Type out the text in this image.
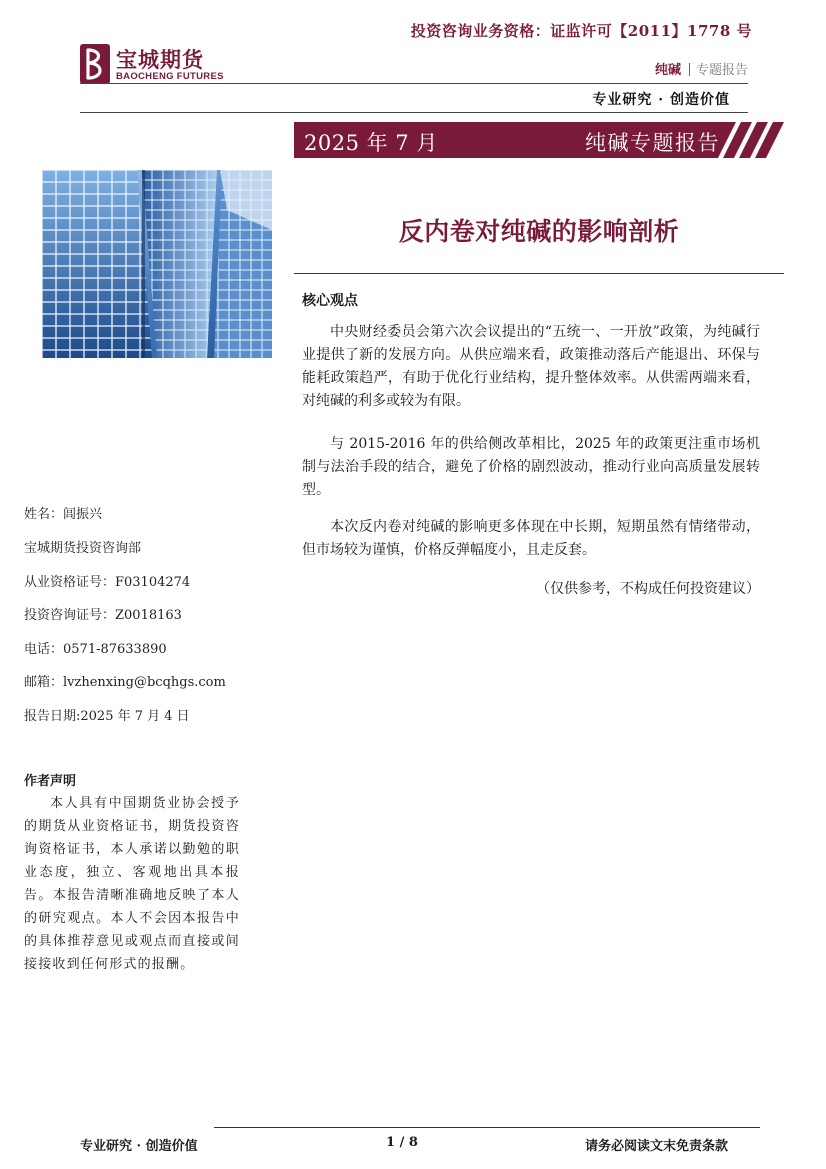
投资咨询业务资格：证监许可【2011】1778 号
宝城期货
BAOCHENG FUTURES	纯碱 专题报告
专业研究 · 创造价值
2025 年 7 月	纯碱专题报告
反内卷对纯碱的影响剖析
核心观点

中央财经委员会第六次会议提出的“五统一、一开放”政策，为纯碱行业提供了新的发展方向。从供应端来看，政策推动落后产能退出、环保与能耗政策趋严，有助于优化行业结构，提升整体效率。从供需两端来看，对纯碱的利多或较为有限。

与 2015-2016 年的供给侧改革相比，2025 年的政策更注重市场机制与法治手段的结合，避免了价格的剧烈波动，推动行业向高质量发展转型。

本次反内卷对纯碱的影响更多体现在中长期，短期虽然有情绪带动，但市场较为谨慎，价格反弹幅度小，且走反套。

（仅供参考，不构成任何投资建议）
姓名：闾振兴
宝城期货投资咨询部
从业资格证号：F03104274
投资咨询证号：Z0018163
电话：0571-87633890
邮箱：lvzhenxing@bcqhgs.com
报告日期:2025 年 7 月 4 日
作者声明

本人具有中国期货业协会授予的期货从业资格证书，期货投资咨询资格证书，本人承诺以勤勉的职业态度，独立、客观地出具本报告。本报告清晰准确地反映了本人的研究观点。本人不会因本报告中的具体推荐意见或观点而直接或间接接收到任何形式的报酬。

专业研究 · 创造价值	1 / 8	请务必阅读文末免责条款
